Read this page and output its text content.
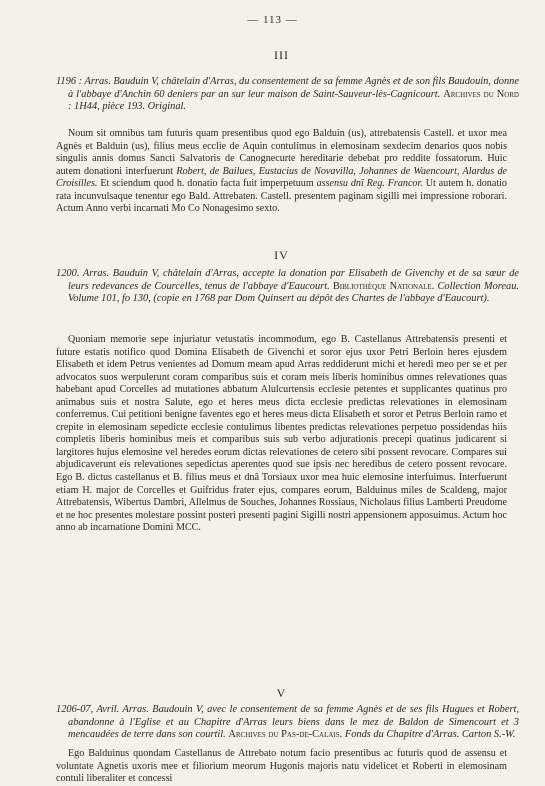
— 113 —
III

1196 : Arras. Bauduin V, châtelain d'Arras, du consentement de sa femme Agnès et de son fils Baudouin, donne à l'abbaye d'Anchin 60 deniers par an sur leur maison de Saint-Sauveur-lès-Cagnicourt. Archives du Nord : 1H44, pièce 193. Original.

Noum sit omnibus tam futuris quam presentibus quod ego Balduin (us), attrebatensis Castell. et uxor mea Agnès et Balduin (us), filius meus ecclie de Aquin contulimus in elemosinam sexdecim denarios quos nobis singulis annis domus Sancti Salvatoris de Canognecurte hereditarie debebat pro reddite fossatorum. Huic autem donationi interfuerunt Robert, de Bailues, Eustacius de Novavilla, Johannes de Waencourt, Alardus de Croisilles. Et sciendum quod h. donatio facta fuit imperpetuum assensu dnî Reg. Francor. Ut autem h. donatio rata incunvulsaque tenentur ego Bald. Attrebaten. Castell. presentem paginam sigilli mei impressione roborari. Actum Anno verbi incarnati Mo Co Nonagesimo sexto.

IV

1200. Arras. Bauduin V, châtelain d'Arras, accepte la donation par Elisabeth de Givenchy et de sa sœur de leurs redevances de Courcelles, tenus de l'abbaye d'Eaucourt. Bibliothèque Nationale. Collection Moreau. Volume 101, fo 130, (copie en 1768 par Dom Quinsert au dépôt des Chartes de l'abbaye d'Eaucourt).

Quoniam memorie sepe injuriatur vetustatis incommodum, ego B. Castellanus Attrebatensis presenti et future estatis notifico quod Domina Elisabeth de Givenchi et soror ejus uxor Petri Berloin heres ejusdem Elisabeth et idem Petrus venientes ad Domum meam apud Arras reddiderunt michi et heredi meo per se et per advocatos suos werpulerunt coram comparibus suis et coram meis liberis hominibus omnes relevationes quas habebant apud Corcelles ad mutationes abbatum Alulcurtensis ecclesie petentes et supplicantes quatinus pro animabus suis et nostra Salute, ego et heres meus dicta ecclesie predictas relevationes in elemosinam conferremus. Cui petitioni benigne faventes ego et heres meus dicta Elisabeth et soror et Petrus Berloin ramo et crepite in elemosinam sepedicte ecclesie contulimus libentes predictas relevationes perpetuo possidendas hiis completis liberis hominibus meis et comparibus suis sub verbo adjurationis precepi quatinus judicarent si largitores hujus elemosine vel heredes eorum dictas relevationes de cetero sibi possent revocare. Compares sui abjudicaverunt eis relevationes sepedictas aperentes quod sue ipsis nec heredibus de cetero possent revocare. Ego B. dictus castellanus et B. filius meus et dnâ Torsiaux uxor mea huic elemosine interfuimus. Interfuerunt etiam H. major de Corcelles et Guifridus frater ejus, compares eorum, Balduinus miles de Scaldeng, major Attrebatensis, Wibertus Dambri, Allelmus de Souches, Johannes Rossiaus, Nicholaus filius Lamberti Preudome et ne hoc presentes molestare possint posteri presenti pagini Sigilli nostri appensionem apposuimus. Actum hoc anno ab incarnatione Domini MCC.

V

1206-07, Avril. Arras. Baudouin V, avec le consentement de sa femme Agnès et de ses fils Hugues et Robert, abandonne à l'Eglise et au Chapitre d'Arras leurs biens dans le mez de Baldon de Simencourt et 3 mencaudées de terre dans son courtil. Archives du Pas-de-Calais. Fonds du Chapitre d'Arras. Carton S.-W.

Ego Balduinus quondam Castellanus de Attrebato notum facio presentibus ac futuris quod de assensu et voluntate Agnetis uxoris mee et filiorium meorum Hugonis majoris natu videlicet et Roberti in elemosinam contuli liberaliter et concessi
